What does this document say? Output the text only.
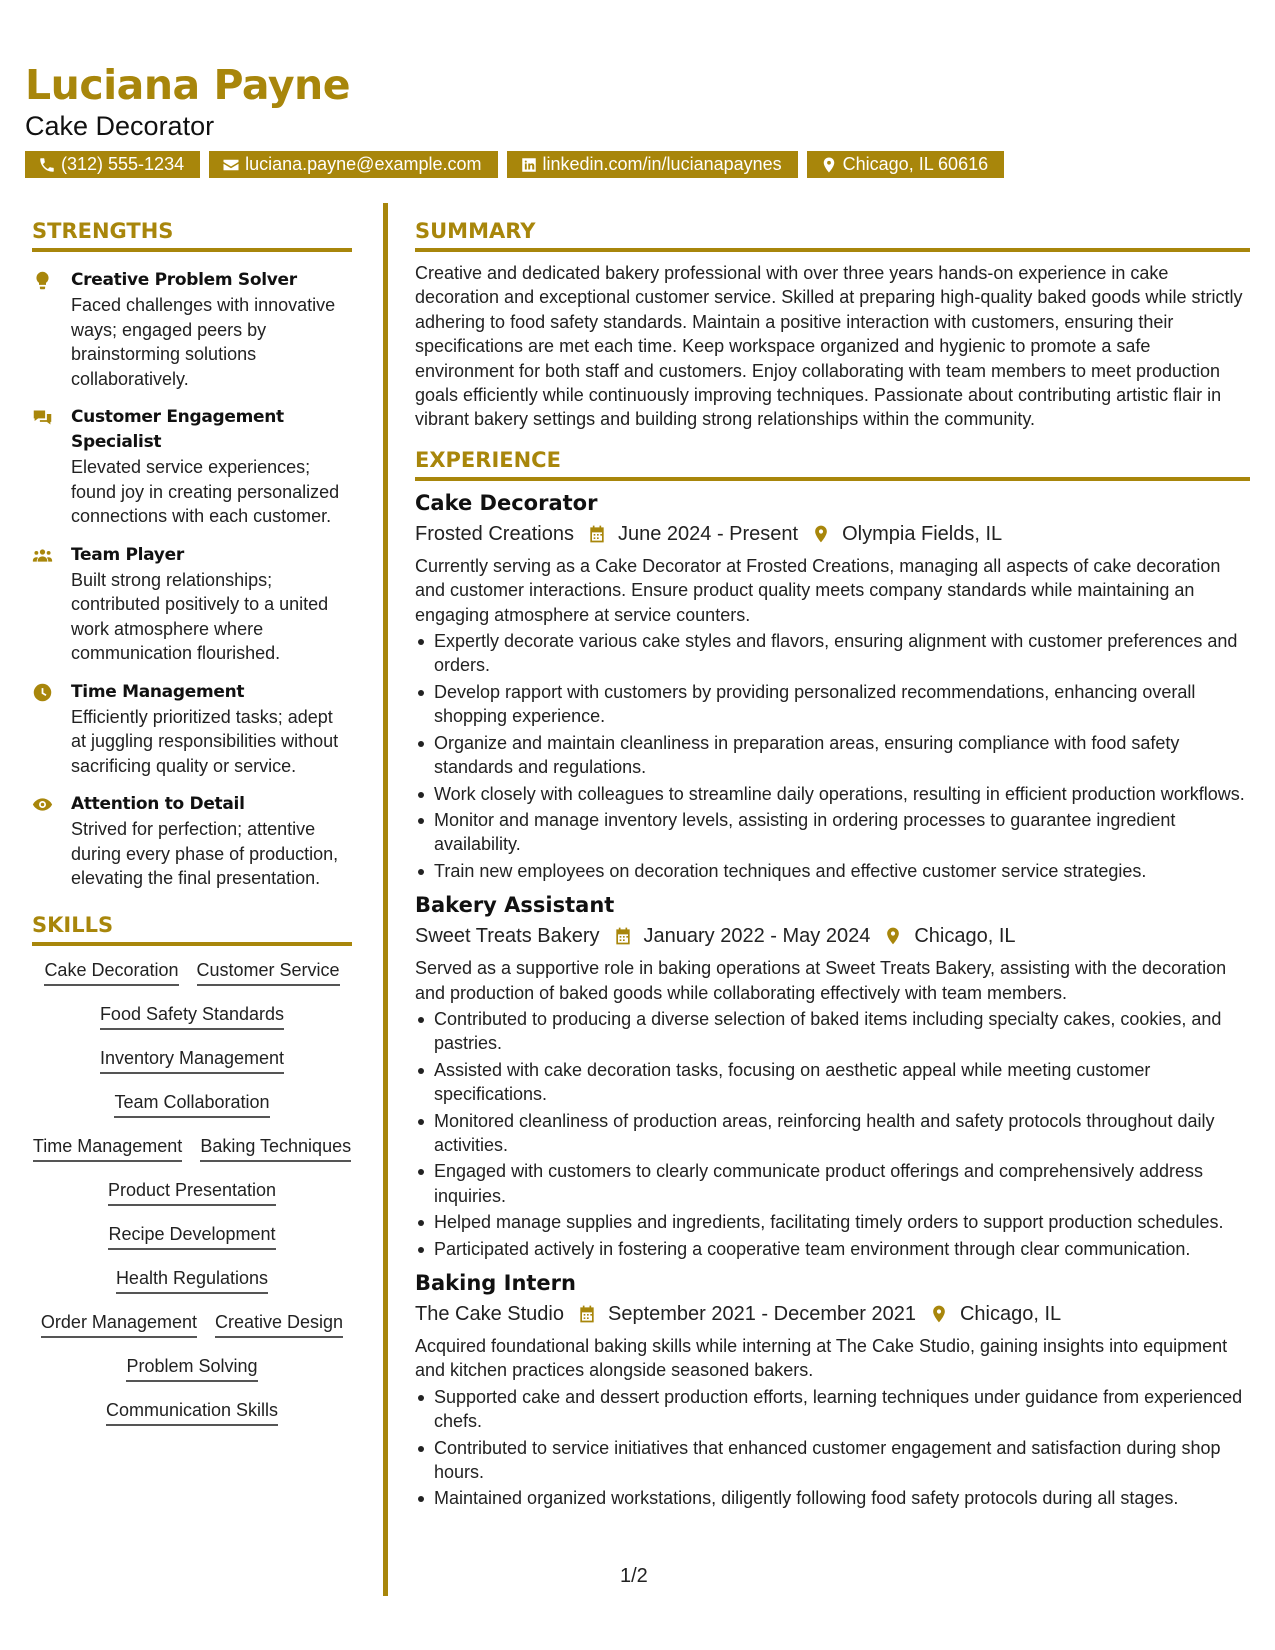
Luciana Payne
Cake Decorator
(312) 555-1234	luciana.payne@example.com	linkedin.com/in/lucianapaynes	Chicago, IL 60616
STRENGTHS
Creative Problem Solver
Faced challenges with innovative ways; engaged peers by brainstorming solutions collaboratively.
Customer Engagement Specialist
Elevated service experiences; found joy in creating personalized connections with each customer.
Team Player
Built strong relationships; contributed positively to a united work atmosphere where communication flourished.
Time Management
Efficiently prioritized tasks; adept at juggling responsibilities without sacrificing quality or service.
Attention to Detail
Strived for perfection; attentive during every phase of production, elevating the final presentation.
SKILLS
Cake Decoration Customer Service
Food Safety Standards
Inventory Management
Team Collaboration
Time Management Baking Techniques
Product Presentation
Recipe Development
Health Regulations
Order Management Creative Design
Problem Solving
Communication Skills
SUMMARY
Creative and dedicated bakery professional with over three years hands-on experience in cake decoration and exceptional customer service. Skilled at preparing high-quality baked goods while strictly adhering to food safety standards. Maintain a positive interaction with customers, ensuring their specifications are met each time. Keep workspace organized and hygienic to promote a safe environment for both staff and customers. Enjoy collaborating with team members to meet production goals efficiently while continuously improving techniques. Passionate about contributing artistic flair in vibrant bakery settings and building strong relationships within the community.
EXPERIENCE
Cake Decorator
Frosted Creations June 2024 - Present Olympia Fields, IL
Currently serving as a Cake Decorator at Frosted Creations, managing all aspects of cake decoration and customer interactions. Ensure product quality meets company standards while maintaining an engaging atmosphere at service counters.
Expertly decorate various cake styles and flavors, ensuring alignment with customer preferences and orders.
Develop rapport with customers by providing personalized recommendations, enhancing overall shopping experience.
Organize and maintain cleanliness in preparation areas, ensuring compliance with food safety standards and regulations.
Work closely with colleagues to streamline daily operations, resulting in efficient production workflows.
Monitor and manage inventory levels, assisting in ordering processes to guarantee ingredient availability.
Train new employees on decoration techniques and effective customer service strategies.
Bakery Assistant
Sweet Treats Bakery January 2022 - May 2024 Chicago, IL
Served as a supportive role in baking operations at Sweet Treats Bakery, assisting with the decoration and production of baked goods while collaborating effectively with team members.
Contributed to producing a diverse selection of baked items including specialty cakes, cookies, and pastries.
Assisted with cake decoration tasks, focusing on aesthetic appeal while meeting customer specifications.
Monitored cleanliness of production areas, reinforcing health and safety protocols throughout daily activities.
Engaged with customers to clearly communicate product offerings and comprehensively address inquiries.
Helped manage supplies and ingredients, facilitating timely orders to support production schedules.
Participated actively in fostering a cooperative team environment through clear communication.
Baking Intern
The Cake Studio September 2021 - December 2021 Chicago, IL
Acquired foundational baking skills while interning at The Cake Studio, gaining insights into equipment and kitchen practices alongside seasoned bakers.
Supported cake and dessert production efforts, learning techniques under guidance from experienced chefs.
Contributed to service initiatives that enhanced customer engagement and satisfaction during shop hours.
Maintained organized workstations, diligently following food safety protocols during all stages.
1/2
